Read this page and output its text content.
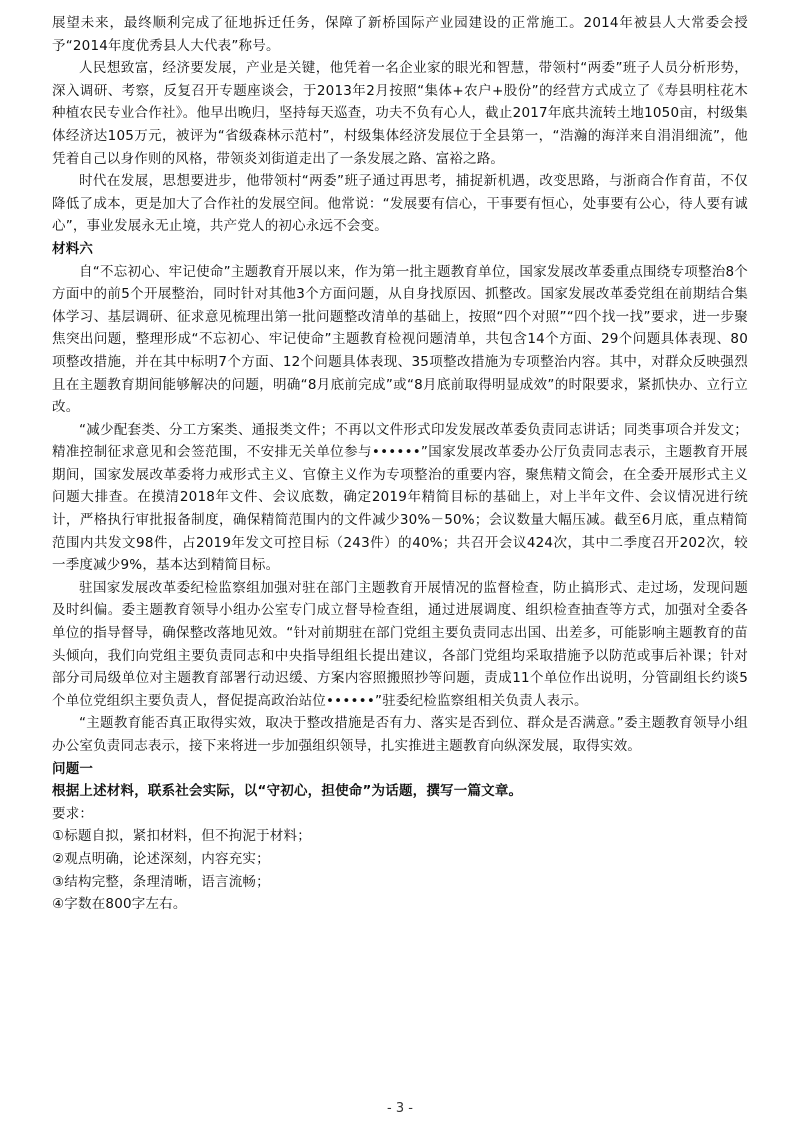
展望未来，最终顺利完成了征地拆迁任务，保障了新桥国际产业园建设的正常施工。2014年被县人大常委会授予“2014年度优秀县人大代表”称号。

人民想致富，经济要发展，产业是关键，他凭着一名企业家的眼光和智慧，带领村“两委”班子人员分析形势，深入调研、考察，反复召开专题座谈会，于2013年2月按照“集体+农户+股份”的经营方式成立了《寿县明柱花木种植农民专业合作社》。他早出晚归，坚持每天巡查，功夫不负有心人，截止2017年底共流转土地1050亩，村级集体经济达105万元，被评为“省级森林示范村”，村级集体经济发展位于全县第一，“浩瀚的海洋来自涓涓细流”，他凭着自己以身作则的风格，带领炎刘街道走出了一条发展之路、富裕之路。

时代在发展，思想要进步，他带领村“两委”班子通过再思考，捕捉新机遇，改变思路，与浙商合作育苗，不仅降低了成本，更是加大了合作社的发展空间。他常说：“发展要有信心，干事要有恒心，处事要有公心，待人要有诚心”，事业发展永无止境，共产党人的初心永远不会变。

材料六

自“不忘初心、牢记使命”主题教育开展以来，作为第一批主题教育单位，国家发展改革委重点围绕专项整治8个方面中的前5个开展整治，同时针对其他3个方面问题，从自身找原因、抓整改。国家发展改革委党组在前期结合集体学习、基层调研、征求意见梳理出第一批问题整改清单的基础上，按照“四个对照”“四个找一找”要求，进一步聚焦突出问题，整理形成“不忘初心、牢记使命”主题教育检视问题清单，共包含14个方面、29个问题具体表现、80项整改措施，并在其中标明7个方面、12个问题具体表现、35项整改措施为专项整治内容。其中，对群众反映强烈且在主题教育期间能够解决的问题，明确“8月底前完成”或“8月底前取得明显成效”的时限要求，紧抓快办、立行立改。

“减少配套类、分工方案类、通报类文件；不再以文件形式印发发展改革委负责同志讲话；同类事项合并发文；精准控制征求意见和会签范围，不安排无关单位参与••••••”国家发展改革委办公厅负责同志表示，主题教育开展期间，国家发展改革委将力戒形式主义、官僚主义作为专项整治的重要内容，聚焦精文简会，在全委开展形式主义问题大排查。在摸清2018年文件、会议底数，确定2019年精简目标的基础上，对上半年文件、会议情况进行统计，严格执行审批报备制度，确保精简范围内的文件减少30%－50%；会议数量大幅压减。截至6月底，重点精简范围内共发文98件，占2019年发文可控目标（243件）的40%；共召开会议424次，其中二季度召开202次，较一季度减少9%，基本达到精简目标。

驻国家发展改革委纪检监察组加强对驻在部门主题教育开展情况的监督检查，防止搞形式、走过场，发现问题及时纠偏。委主题教育领导小组办公室专门成立督导检查组，通过进展调度、组织检查抽查等方式，加强对全委各单位的指导督导，确保整改落地见效。“针对前期驻在部门党组主要负责同志出国、出差多，可能影响主题教育的苗头倾向，我们向党组主要负责同志和中央指导组组长提出建议，各部门党组均采取措施予以防范或事后补课；针对部分司局级单位对主题教育部署行动迟缓、方案内容照搬照抄等问题，责成11个单位作出说明，分管副组长约谈5个单位党组织主要负责人，督促提高政治站位••••••”驻委纪检监察组相关负责人表示。

“主题教育能否真正取得实效，取决于整改措施是否有力、落实是否到位、群众是否满意。”委主题教育领导小组办公室负责同志表示，接下来将进一步加强组织领导，扎实推进主题教育向纵深发展，取得实效。

问题一

根据上述材料，联系社会实际，以“守初心，担使命”为话题，撰写一篇文章。

要求：

①标题自拟，紧扣材料，但不拘泥于材料；

②观点明确，论述深刻，内容充实；

③结构完整，条理清晰，语言流畅；

④字数在800字左右。

- 3 -
